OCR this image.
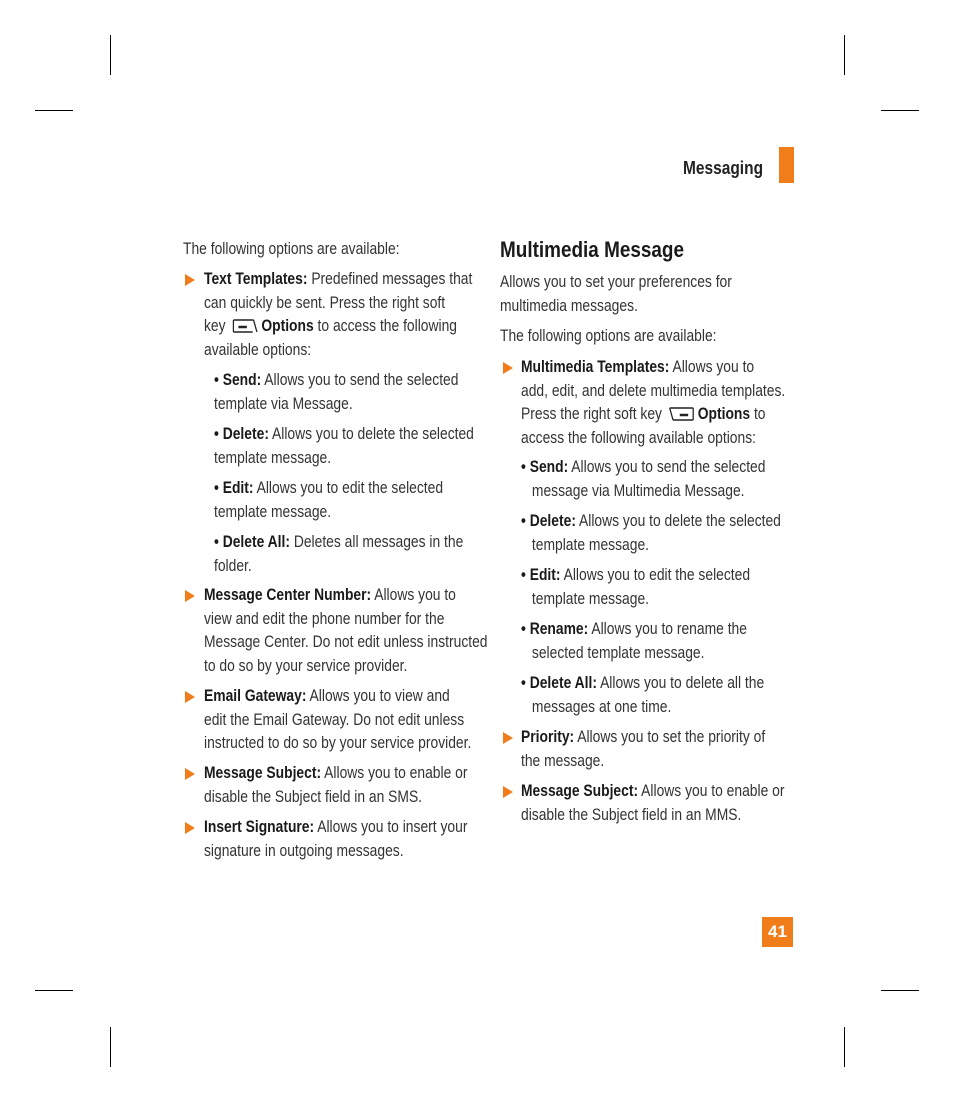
Messaging
The following options are available:
Text Templates: Predefined messages that
can quickly be sent. Press the right soft
key Options to access the following
available options:
• Send: Allows you to send the selected
template via Message.
• Delete: Allows you to delete the selected
template message.
• Edit: Allows you to edit the selected
template message.
• Delete All: Deletes all messages in the
folder.
Message Center Number: Allows you to
view and edit the phone number for the
Message Center. Do not edit unless instructed
to do so by your service provider.
Email Gateway: Allows you to view and
edit the Email Gateway. Do not edit unless
instructed to do so by your service provider.
Message Subject: Allows you to enable or
disable the Subject field in an SMS.
Insert Signature: Allows you to insert your
signature in outgoing messages.
Multimedia Message
Allows you to set your preferences for
multimedia messages.
The following options are available:
Multimedia Templates: Allows you to
add, edit, and delete multimedia templates.
Press the right soft key Options to
access the following available options:
• Send: Allows you to send the selected
message via Multimedia Message.
• Delete: Allows you to delete the selected
template message.
• Edit: Allows you to edit the selected
template message.
• Rename: Allows you to rename the
selected template message.
• Delete All: Allows you to delete all the
messages at one time.
Priority: Allows you to set the priority of
the message.
Message Subject: Allows you to enable or
disable the Subject field in an MMS.
41
